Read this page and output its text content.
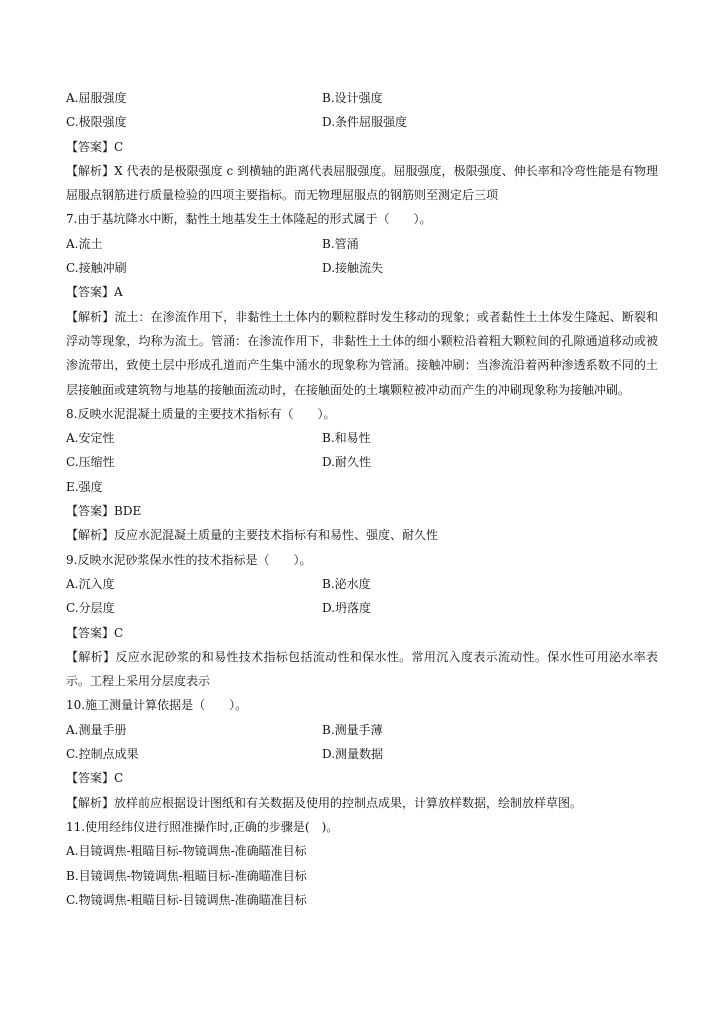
A.屈服强度	B.设计强度
C.极限强度	D.条件屈服强度
【答案】C
【解析】X 代表的是极限强度 c 到横轴的距离代表屈服强度。屈服强度，极限强度、伸长率和冷弯性能是有物理屈服点钢筋进行质量检验的四项主要指标。而无物理屈服点的钢筋则至测定后三项
7.由于基坑降水中断，黏性土地基发生土体隆起的形式属于（　　）。
A.流土	B.管涌
C.接触冲刷	D.接触流失
【答案】A
【解析】流土：在渗流作用下，非黏性土土体内的颗粒群时发生移动的现象；或者黏性土土体发生隆起、断裂和浮动等现象，均称为流土。管涌：在渗流作用下，非黏性土土体的细小颗粒沿着粗大颗粒间的孔隙通道移动或被渗流带出，致使土层中形成孔道而产生集中涌水的现象称为管涌。接触冲刷：当渗流沿着两种渗透系数不同的土层接触面或建筑物与地基的接触面流动时，在接触面处的土壤颗粒被冲动而产生的冲刷现象称为接触冲刷。
8.反映水泥混凝土质量的主要技术指标有（　　）。
A.安定性	B.和易性
C.压缩性	D.耐久性
E.强度
【答案】BDE
【解析】反应水泥混凝土质量的主要技术指标有和易性、强度、耐久性
9.反映水泥砂浆保水性的技术指标是（　　）。
A.沉入度	B.泌水度
C.分层度	D.坍落度
【答案】C
【解析】反应水泥砂浆的和易性技术指标包括流动性和保水性。常用沉入度表示流动性。保水性可用泌水率表示。工程上采用分层度表示
10.施工测量计算依据是（　　）。
A.测量手册	B.测量手薄
C.控制点成果	D.测量数据
【答案】C
【解析】放样前应根据设计图纸和有关数据及使用的控制点成果，计算放样数据，绘制放样草图。
11.使用经纬仪进行照准操作时,正确的步骤是(　)。
A.目镜调焦-粗瞄目标-物镜调焦-准确瞄准目标
B.目镜调焦-物镜调焦-粗瞄目标-准确瞄准目标
C.物镜调焦-粗瞄目标-目镜调焦-准确瞄准目标
